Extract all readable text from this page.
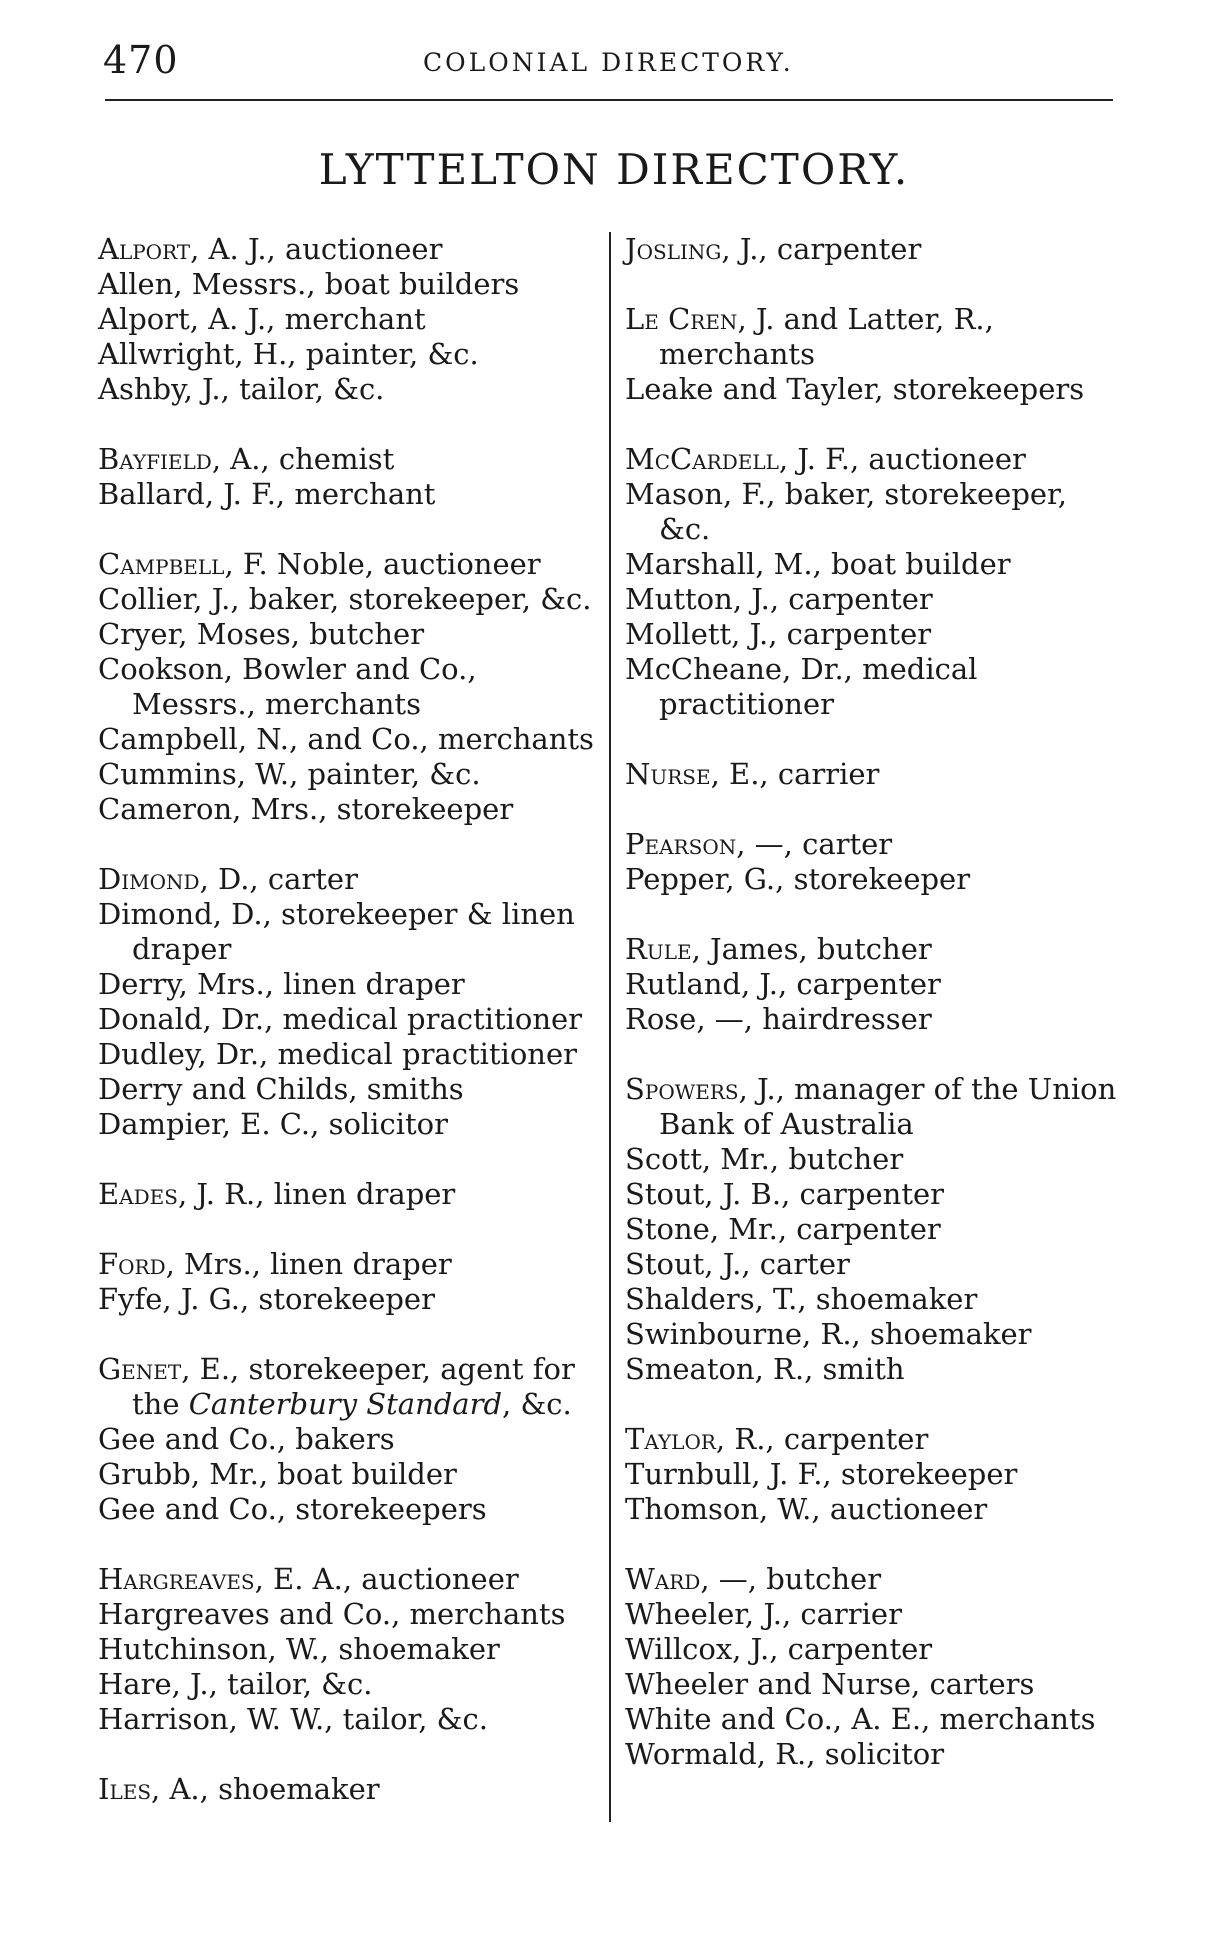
470	COLONIAL DIRECTORY.
LYTTELTON DIRECTORY.
Alport, A. J., auctioneer
Allen, Messrs., boat builders
Alport, A. J., merchant
Allwright, H., painter, &c.
Ashby, J., tailor, &c.
Bayfield, A., chemist
Ballard, J. F., merchant
Campbell, F. Noble, auctioneer
Collier, J., baker, storekeeper, &c.
Cryer, Moses, butcher
Cookson, Bowler and Co., Messrs., merchants
Campbell, N., and Co., merchants
Cummins, W., painter, &c.
Cameron, Mrs., storekeeper
Dimond, D., carter
Dimond, D., storekeeper & linen draper
Derry, Mrs., linen draper
Donald, Dr., medical practitioner
Dudley, Dr., medical practitioner
Derry and Childs, smiths
Dampier, E. C., solicitor
Eades, J. R., linen draper
Ford, Mrs., linen draper
Fyfe, J. G., storekeeper
Genet, E., storekeeper, agent for the Canterbury Standard, &c.
Gee and Co., bakers
Grubb, Mr., boat builder
Gee and Co., storekeepers
Hargreaves, E. A., auctioneer
Hargreaves and Co., merchants
Hutchinson, W., shoemaker
Hare, J., tailor, &c.
Harrison, W. W., tailor, &c.
Iles, A., shoemaker
Josling, J., carpenter
Le Cren, J. and Latter, R., merchants
Leake and Tayler, storekeepers
McCardell, J. F., auctioneer
Mason, F., baker, storekeeper, &c.
Marshall, M., boat builder
Mutton, J., carpenter
Mollett, J., carpenter
McCheane, Dr., medical practitioner
Nurse, E., carrier
Pearson, —, carter
Pepper, G., storekeeper
Rule, James, butcher
Rutland, J., carpenter
Rose, —, hairdresser
Spowers, J., manager of the Union Bank of Australia
Scott, Mr., butcher
Stout, J. B., carpenter
Stone, Mr., carpenter
Stout, J., carter
Shalders, T., shoemaker
Swinbourne, R., shoemaker
Smeaton, R., smith
Taylor, R., carpenter
Turnbull, J. F., storekeeper
Thomson, W., auctioneer
Ward, —, butcher
Wheeler, J., carrier
Willcox, J., carpenter
Wheeler and Nurse, carters
White and Co., A. E., merchants
Wormald, R., solicitor
